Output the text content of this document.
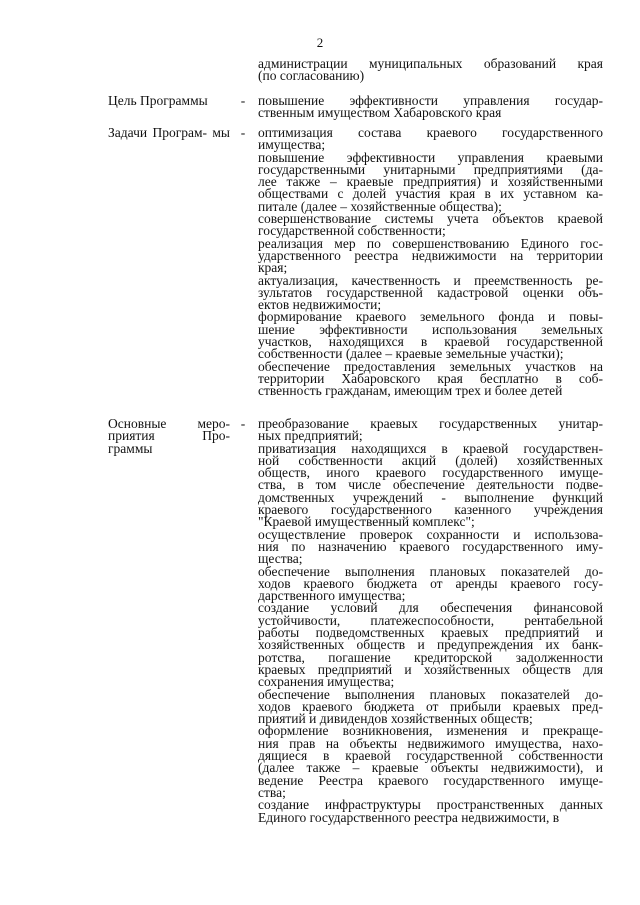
2
администрации муниципальных образований края
(по согласованию)
Цель Программы	- повышение эффективности управления государ-
ственным имуществом Хабаровского края
Задачи Програм- мы - оптимизация состава краевого государственного
имущества;
повышение эффективности управления краевыми
государственными унитарными предприятиями (да-
лее также – краевые предприятия) и хозяйственными
обществами с долей участия края в их уставном ка-
питале (далее – хозяйственные общества);
совершенствование системы учета объектов краевой
государственной собственности;
реализация мер по совершенствованию Единого гос-
ударственного реестра недвижимости на территории
края;
актуализация, качественность и преемственность ре-
зультатов государственной кадастровой оценки объ-
ектов недвижимости;
формирование краевого земельного фонда и повы-
шение эффективности использования земельных
участков, находящихся в краевой государственной
собственности (далее – краевые земельные участки);
обеспечение предоставления земельных участков на
территории Хабаровского края бесплатно в соб-
ственность гражданам, имеющим трех и более детей
Основные меро- приятия Про- граммы
- преобразование краевых государственных унитар-
ных предприятий;
приватизация находящихся в краевой государствен-
ной собственности акций (долей) хозяйственных
обществ, иного краевого государственного имуще-
ства, в том числе обеспечение деятельности подве-
домственных учреждений - выполнение функций
краевого государственного казенного учреждения
"Краевой имущественный комплекс";
осуществление проверок сохранности и использова-
ния по назначению краевого государственного иму-
щества;
обеспечение выполнения плановых показателей до-
ходов краевого бюджета от аренды краевого госу-
дарственного имущества;
создание условий для обеспечения финансовой
устойчивости, платежеспособности, рентабельной
работы подведомственных краевых предприятий и
хозяйственных обществ и предупреждения их банк-
ротства, погашение кредиторской задолженности
краевых предприятий и хозяйственных обществ для
сохранения имущества;
обеспечение выполнения плановых показателей до-
ходов краевого бюджета от прибыли краевых пред-
приятий и дивидендов хозяйственных обществ;
оформление возникновения, изменения и прекраще-
ния прав на объекты недвижимого имущества, нахо-
дящиеся в краевой государственной собственности
(далее также – краевые объекты недвижимости), и
ведение Реестра краевого государственного имуще-
ства;
создание инфраструктуры пространственных данных
Единого государственного реестра недвижимости, в
